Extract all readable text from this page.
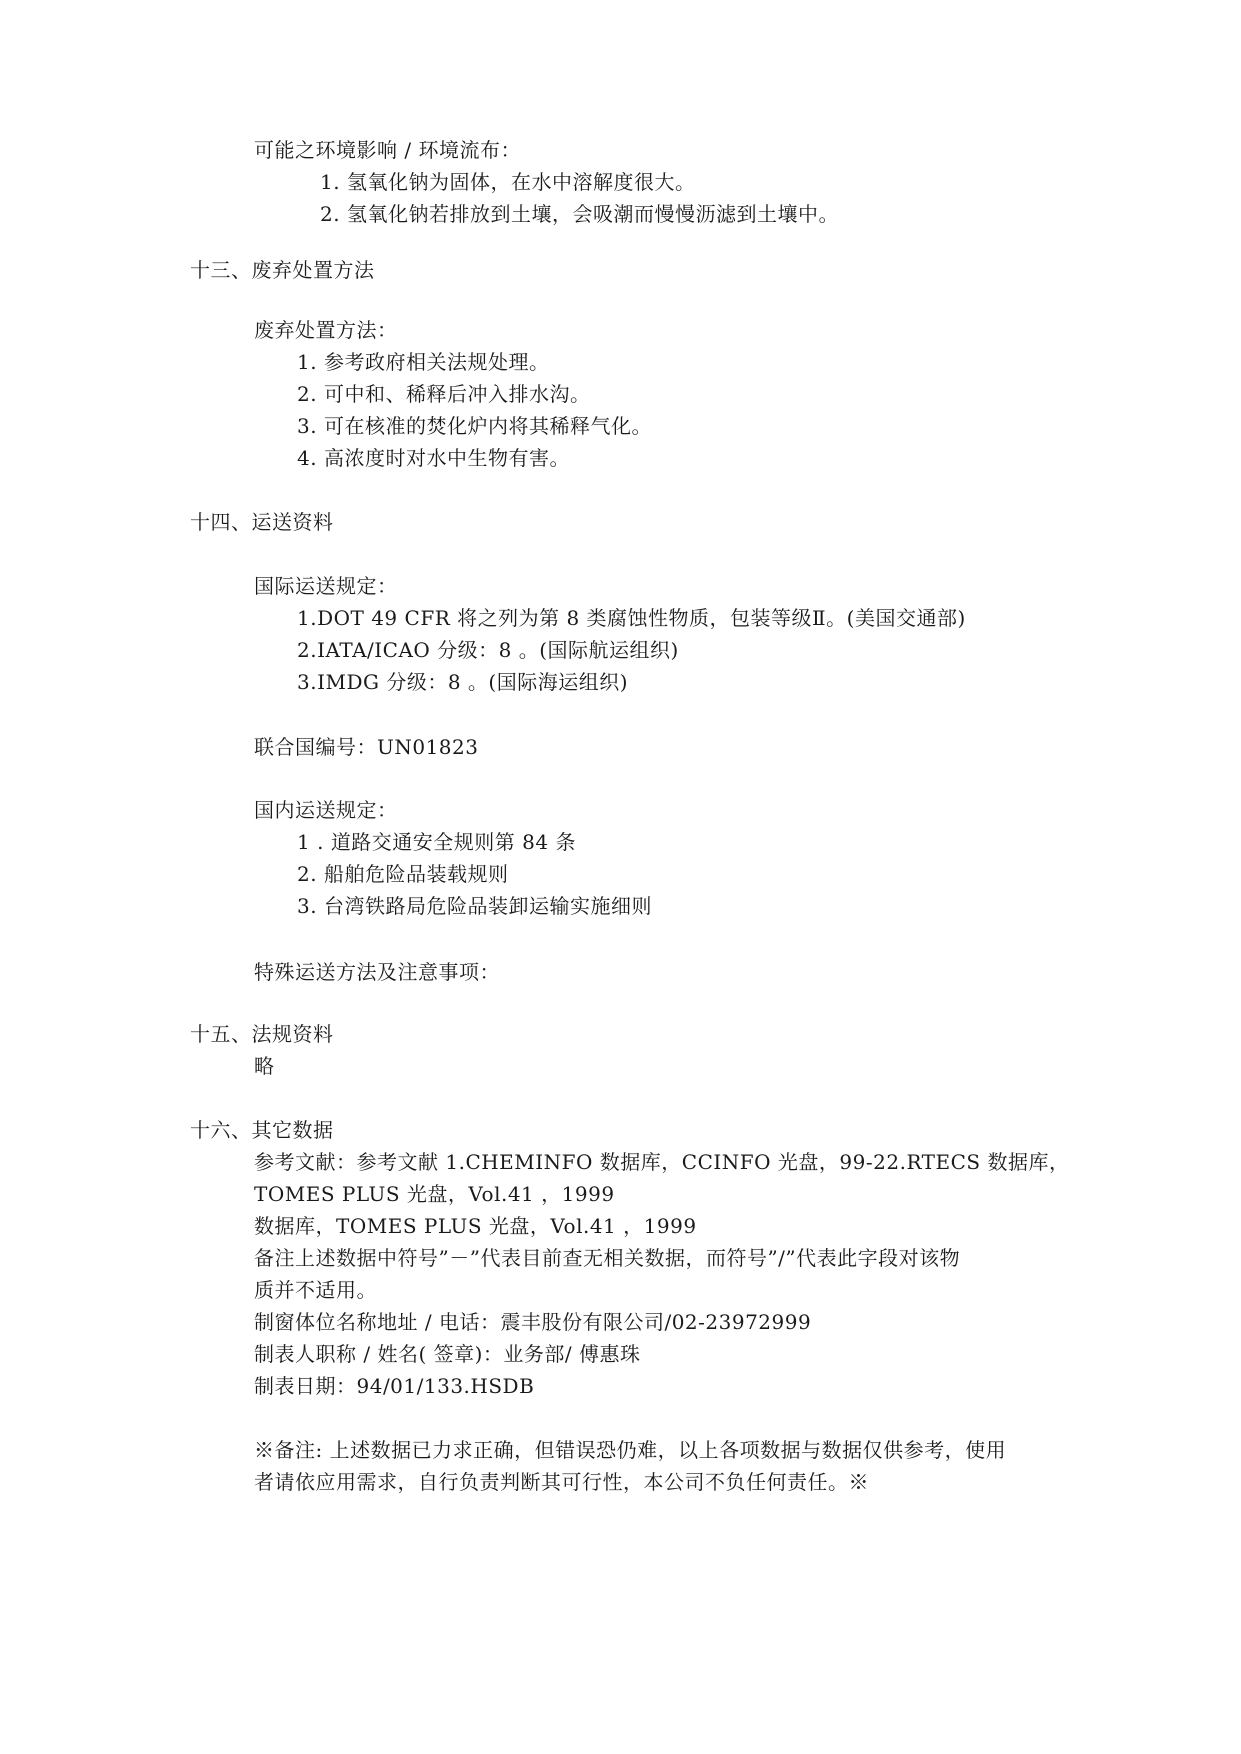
可能之环境影响 / 环境流布：
1. 氢氧化钠为固体，在水中溶解度很大。
2. 氢氧化钠若排放到土壤，会吸潮而慢慢沥滤到土壤中。
十三、废弃处置方法
废弃处置方法：
1. 参考政府相关法规处理。
2. 可中和、稀释后冲入排水沟。
3. 可在核准的焚化炉内将其稀释气化。
4. 高浓度时对水中生物有害。
十四、运送资料
国际运送规定：
1.DOT 49 CFR 将之列为第 8 类腐蚀性物质，包装等级Ⅱ。(美国交通部)
2.IATA/ICAO 分级：8 。(国际航运组织)
3.IMDG 分级：8 。(国际海运组织)
联合国编号：UN01823
国内运送规定：
1 . 道路交通安全规则第 84 条
2. 船舶危险品装载规则
3. 台湾铁路局危险品装卸运输实施细则
特殊运送方法及注意事项：
十五、法规资料
略
十六、其它数据
参考文献：参考文献 1.CHEMINFO 数据库，CCINFO 光盘，99-22.RTECS 数据库，
TOMES PLUS 光盘，Vol.41 ，1999
数据库，TOMES PLUS 光盘，Vol.41 ，1999
备注上述数据中符号”－”代表目前查无相关数据，而符号”/”代表此字段对该物
质并不适用。
制窗体位名称地址 / 电话：震丰股份有限公司/02-23972999
制表人职称 / 姓名( 签章)：业务部/ 傅惠珠
制表日期：94/01/133.HSDB
※备注: 上述数据已力求正确，但错误恐仍难，以上各项数据与数据仅供参考，使用
者请依应用需求，自行负责判断其可行性，本公司不负任何责任。※
